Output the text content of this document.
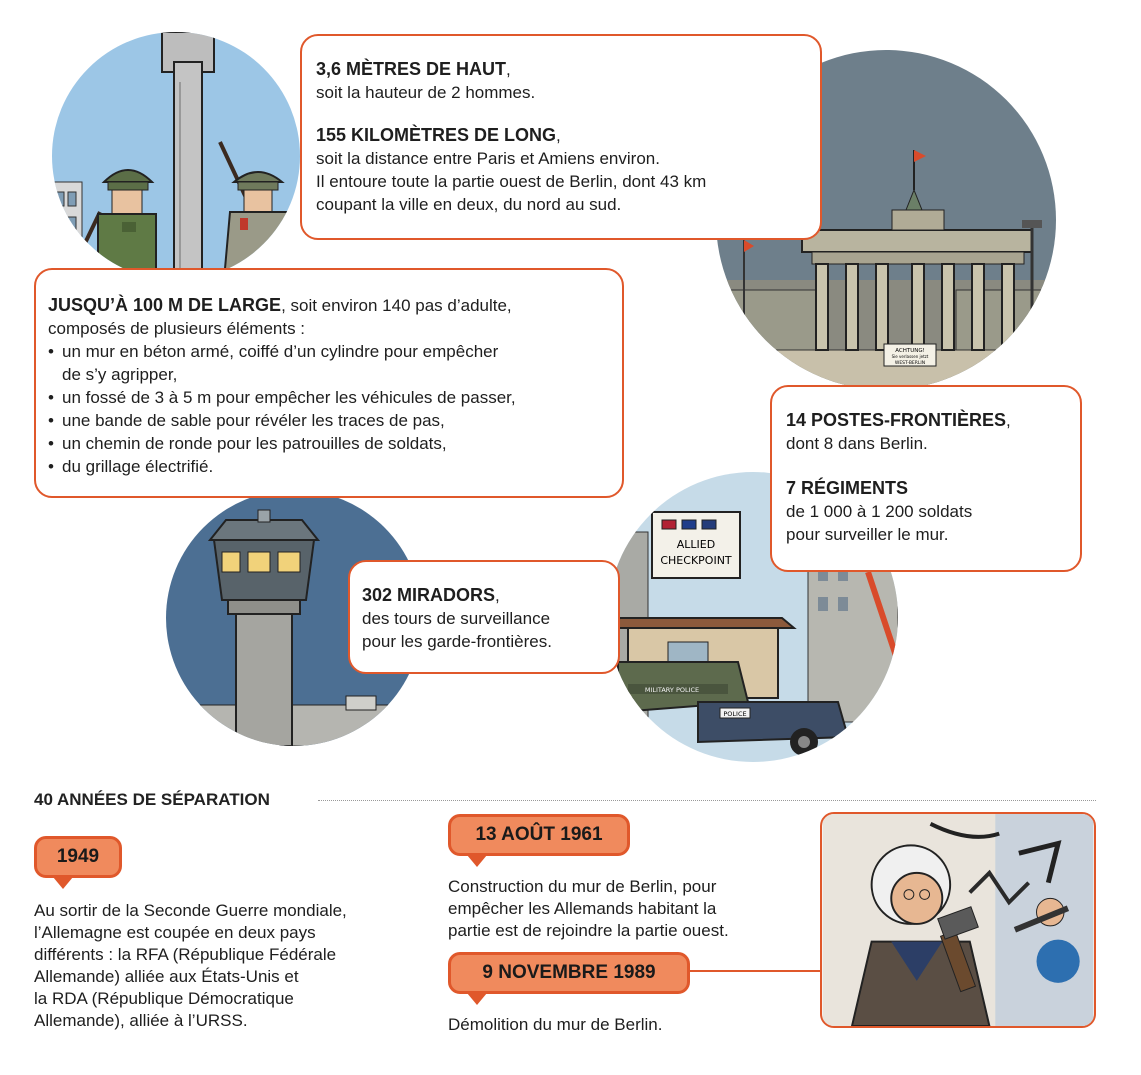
ACHTUNG!
Sie verlassen jetzt
WEST-BERLIN
ALLIED
CHECKPOINT
MILITARY POLICE
POLICE

3,6 MÈTRES DE HAUT,

soit la hauteur de 2 hommes.

155 KILOMÈTRES DE LONG,

soit la distance entre Paris et Amiens environ.

Il entoure toute la partie ouest de Berlin, dont 43 km

coupant la ville en deux, du nord au sud.

JUSQU’À 100 M DE LARGE, soit environ 140 pas d’adulte,

composés de plusieurs éléments :

• un mur en béton armé, coiffé d’un cylindre pour empêcher
de s’y agripper,
• un fossé de 3 à 5 m pour empêcher les véhicules de passer,
• une bande de sable pour révéler les traces de pas,
• un chemin de ronde pour les patrouilles de soldats,
• du grillage électrifié.

14 POSTES-FRONTIÈRES,

dont 8 dans Berlin.

7 RÉGIMENTS

de 1 000 à 1 200 soldats

pour surveiller le mur.

302 MIRADORS,

des tours de surveillance

pour les garde-frontières.

40 ANNÉES DE SÉPARATION
1949
Au sortir de la Seconde Guerre mondiale,
l’Allemagne est coupée en deux pays
différents : la RFA (République Fédérale
Allemande) alliée aux États-Unis et
la RDA (République Démocratique
Allemande), alliée à l’URSS.
13 AOÛT 1961
Construction du mur de Berlin, pour
empêcher les Allemands habitant la
partie est de rejoindre la partie ouest.
9 NOVEMBRE 1989
Démolition du mur de Berlin.
